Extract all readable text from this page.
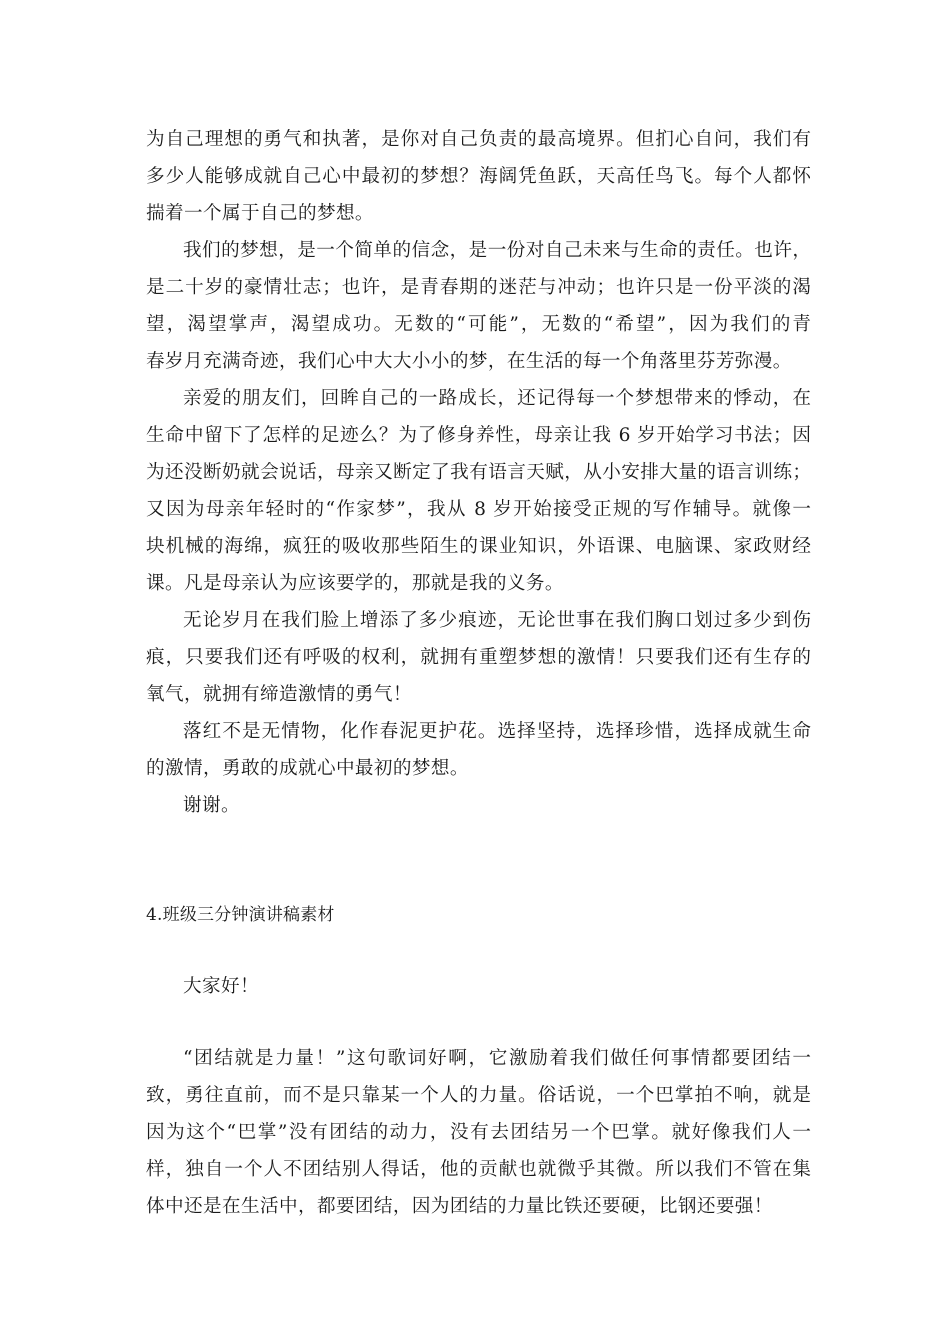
为自己理想的勇气和执著，是你对自己负责的最高境界。但扪心自问，我们有
多少人能够成就自己心中最初的梦想？海阔凭鱼跃，天高任鸟飞。每个人都怀
揣着一个属于自己的梦想。
我们的梦想，是一个简单的信念，是一份对自己未来与生命的责任。也许，
是二十岁的豪情壮志；也许，是青春期的迷茫与冲动；也许只是一份平淡的渴
望，渴望掌声，渴望成功。无数的“可能”，无数的“希望”，因为我们的青
春岁月充满奇迹，我们心中大大小小的梦，在生活的每一个角落里芬芳弥漫。
亲爱的朋友们，回眸自己的一路成长，还记得每一个梦想带来的悸动，在
生命中留下了怎样的足迹么？为了修身养性，母亲让我 6 岁开始学习书法；因
为还没断奶就会说话，母亲又断定了我有语言天赋，从小安排大量的语言训练；
又因为母亲年轻时的“作家梦”，我从 8 岁开始接受正规的写作辅导。就像一
块机械的海绵，疯狂的吸收那些陌生的课业知识，外语课、电脑课、家政财经
课。凡是母亲认为应该要学的，那就是我的义务。
无论岁月在我们脸上增添了多少痕迹，无论世事在我们胸口划过多少到伤
痕，只要我们还有呼吸的权利，就拥有重塑梦想的激情！只要我们还有生存的
氧气，就拥有缔造激情的勇气！
落红不是无情物，化作春泥更护花。选择坚持，选择珍惜，选择成就生命
的激情，勇敢的成就心中最初的梦想。
谢谢。
4.班级三分钟演讲稿素材
大家好！
“团结就是力量！”这句歌词好啊，它激励着我们做任何事情都要团结一
致，勇往直前，而不是只靠某一个人的力量。俗话说，一个巴掌拍不响，就是
因为这个“巴掌”没有团结的动力，没有去团结另一个巴掌。就好像我们人一
样，独自一个人不团结别人得话，他的贡献也就微乎其微。所以我们不管在集
体中还是在生活中，都要团结，因为团结的力量比铁还要硬，比钢还要强！
